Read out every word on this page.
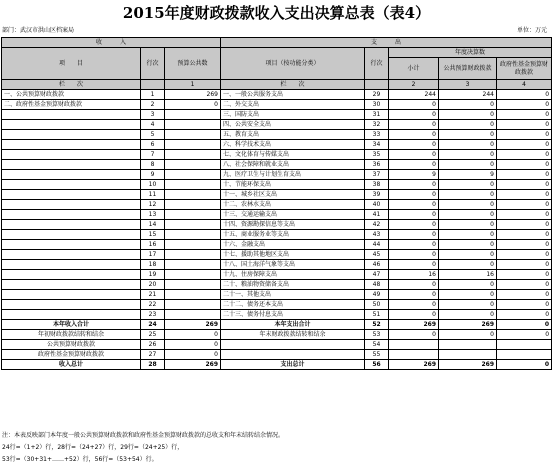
2015年度财政拨款收入支出决算总表（表4）
部门：武汉市洪山区档案局	单位：万元
收　　　入			支　　　出				
项　　目	行次	预算公共数	项目（按功能分类）	行次	年度决算数		
					小计	公共预算财政拨款	政府性基金预算财政拨款
栏　　次		1	栏　　次		2	3	4
一、公共预算财政拨款	1	269	一、一般公共服务支出	29	244	244	0
二、政府性基金预算财政拨款	2	0	二、外交支出	30	0	0	0
	3		三、国防支出	31	0	0	0
	4		四、公共安全支出	32	0	0	0
	5		五、教育支出	33	0	0	0
	6		六、科学技术支出	34	0	0	0
	7		七、文化体育与传媒支出	35	0	0	0
	8		八、社会保障和就业支出	36	0	0	0
	9		九、医疗卫生与计划生育支出	37	9	9	0
	10		十、节能环保支出	38	0	0	0
	11		十一、城乡社区支出	39	0	0	0
	12		十二、农林水支出	40	0	0	0
	13		十三、交通运输支出	41	0	0	0
	14		十四、资源勘探信息等支出	42	0	0	0
	15		十五、商业服务业等支出	43	0	0	0
	16		十六、金融支出	44	0	0	0
	17		十七、援助其他地区支出	45	0	0	0
	18		十八、国土海洋气象等支出	46	0	0	0
	19		十九、住房保障支出	47	16	16	0
	20		二十、粮油物资储备支出	48	0	0	0
	21		二十一、其他支出	49	0	0	0
	22		二十二、债务还本支出	50	0	0	0
	23		二十三、债务付息支出	51	0	0	0
本年收入合计	24	269	本年支出合计	52	269	269	0
年初财政拨款结转和结余	25	0	年末财政拨款结转和结余	53	0	0	0
公共预算财政拨款	26	0		54			
政府性基金预算财政拨款	27	0		55			
收入总计	28	269	支出总计	56	269	269	0
注：本表反映部门本年度一般公共预算财政拨款和政府性基金预算财政拨款的总收支和年末结转结余情况。
24行=（1+2）行，28行=（24+27）行，29行=（24+25）行，
53行=（30+31+……+52）行，56行=（53+54）行。
